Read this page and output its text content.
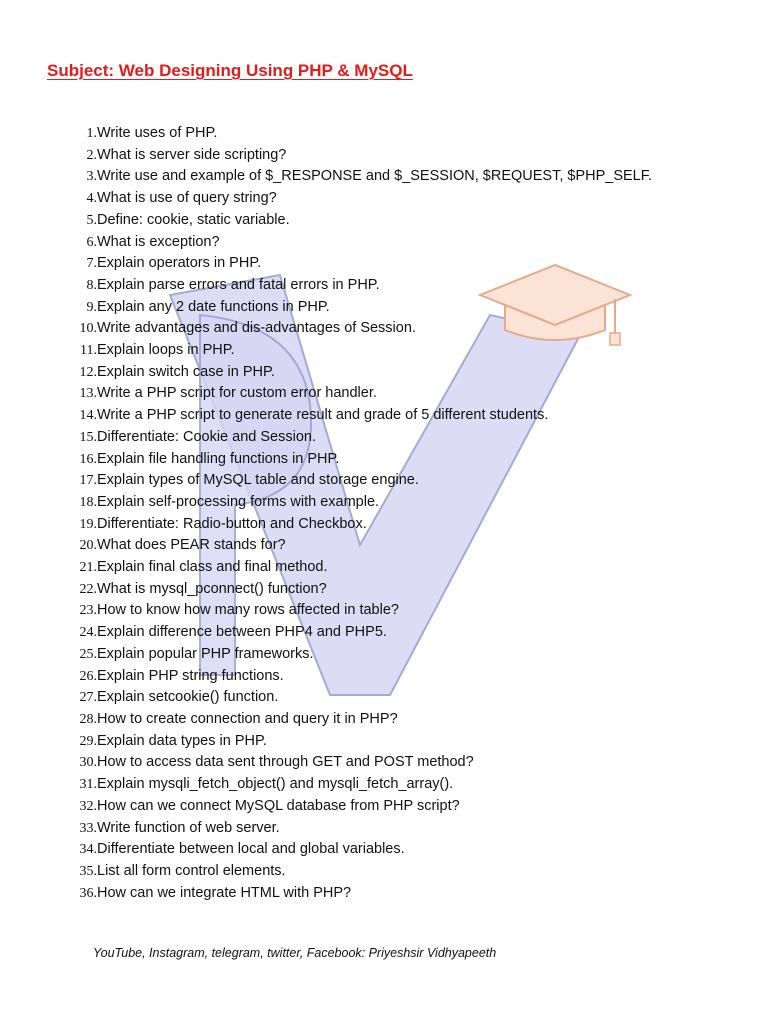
Subject: Web Designing Using PHP & MySQL
1. Write uses of PHP.
2. What is server side scripting?
3. Write use and example of $_RESPONSE and $_SESSION, $REQUEST, $PHP_SELF.
4. What is use of query string?
5. Define: cookie, static variable.
6. What is exception?
7. Explain operators in PHP.
8. Explain parse errors and fatal errors in PHP.
9. Explain any 2 date functions in PHP.
10. Write advantages and dis-advantages of Session.
11. Explain loops in PHP.
12. Explain switch case in PHP.
13. Write a PHP script for custom error handler.
14. Write a PHP script to generate result and grade of 5 different students.
15. Differentiate: Cookie and Session.
16. Explain file handling functions in PHP.
17. Explain types of MySQL table and storage engine.
18. Explain self-processing forms with example.
19. Differentiate: Radio-button and Checkbox.
20. What does PEAR stands for?
21. Explain final class and final method.
22. What is mysql_pconnect() function?
23. How to know how many rows affected in table?
24. Explain difference between PHP4 and PHP5.
25. Explain popular PHP frameworks.
26. Explain PHP string functions.
27. Explain setcookie() function.
28. How to create connection and query it in PHP?
29. Explain data types in PHP.
30. How to access data sent through GET and POST method?
31. Explain mysqli_fetch_object() and mysqli_fetch_array().
32. How can we connect MySQL database from PHP script?
33. Write function of web server.
34. Differentiate between local and global variables.
35. List all form control elements.
36. How can we integrate HTML with PHP?
YouTube, Instagram, telegram, twitter, Facebook: Priyeshsir Vidhyapeeth
